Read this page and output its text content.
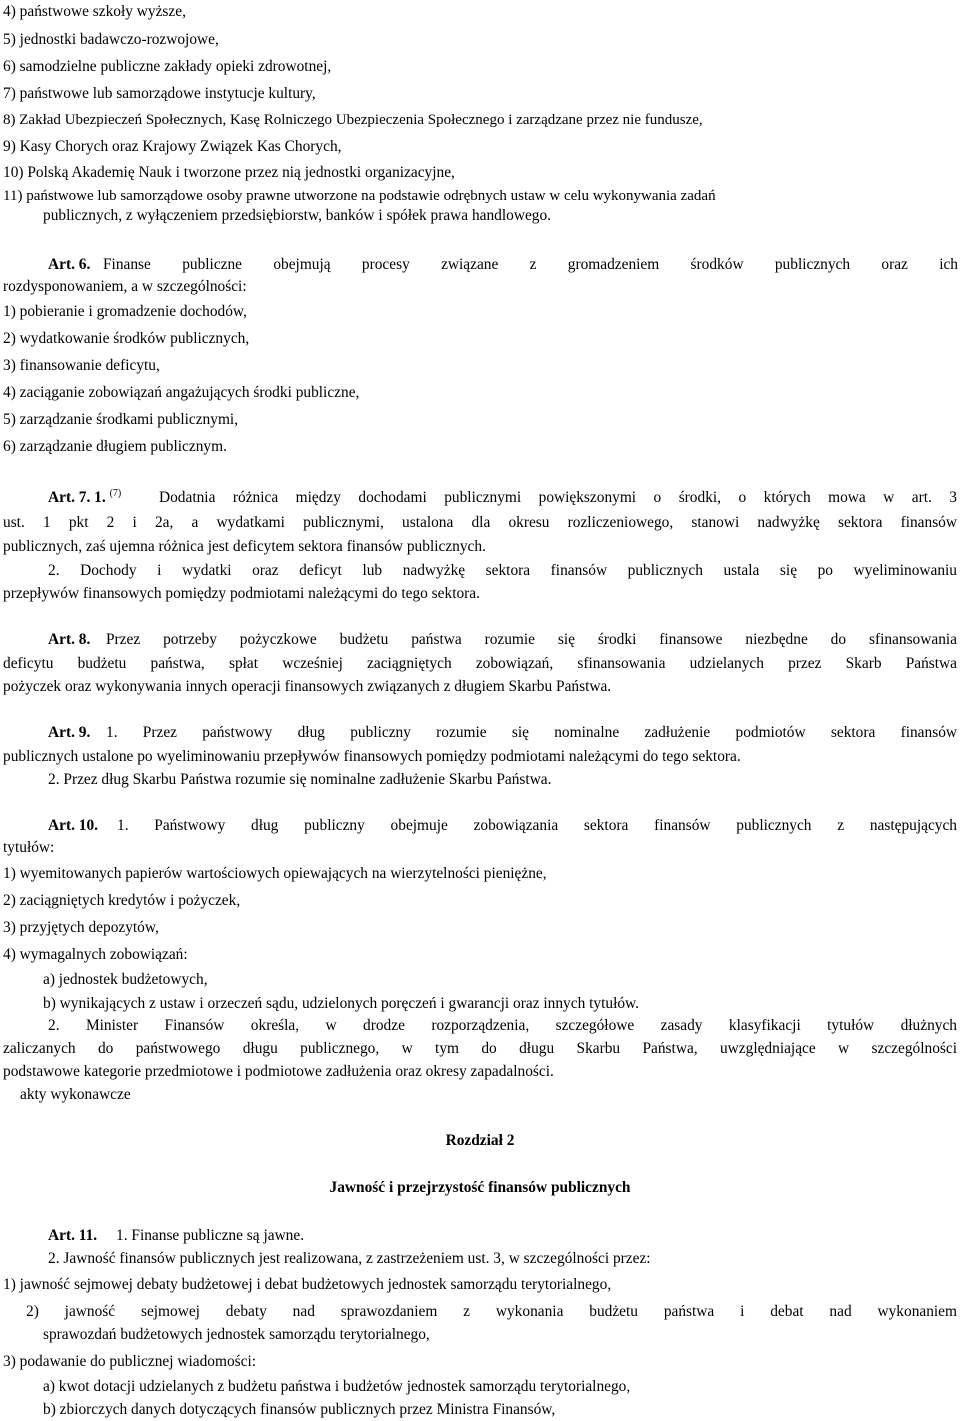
4) państwowe szkoły wyższe,
5) jednostki badawczo-rozwojowe,
6) samodzielne publiczne zakłady opieki zdrowotnej,
7) państwowe lub samorządowe instytucje kultury,
8) Zakład Ubezpieczeń Społecznych, Kasę Rolniczego Ubezpieczenia Społecznego i zarządzane przez nie fundusze,
9) Kasy Chorych oraz Krajowy Związek Kas Chorych,
10) Polską Akademię Nauk i tworzone przez nią jednostki organizacyjne,
11) państwowe lub samorządowe osoby prawne utworzone na podstawie odrębnych ustaw w celu wykonywania zadań
publicznych, z wyłączeniem przedsiębiorstw, banków i spółek prawa handlowego.
Art. 6. Finanse publiczne obejmują procesy związane z gromadzeniem środków publicznych oraz ich
rozdysponowaniem, a w szczególności:
1) pobieranie i gromadzenie dochodów,
2) wydatkowanie środków publicznych,
3) finansowanie deficytu,
4) zaciąganie zobowiązań angażujących środki publiczne,
5) zarządzanie środkami publicznymi,
6) zarządzanie długiem publicznym.
Art. 7. 1. $^{(7)}$ Dodatnia różnica między dochodami publicznymi powiększonymi o środki, o których mowa w art. 3
ust. 1 pkt 2 i 2a, a wydatkami publicznymi, ustalona dla okresu rozliczeniowego, stanowi nadwyżkę sektora finansów
publicznych, zaś ujemna różnica jest deficytem sektora finansów publicznych.
2. Dochody i wydatki oraz deficyt lub nadwyżkę sektora finansów publicznych ustala się po wyeliminowaniu
przepływów finansowych pomiędzy podmiotami należącymi do tego sektora.
Art. 8. Przez potrzeby pożyczkowe budżetu państwa rozumie się środki finansowe niezbędne do sfinansowania
deficytu budżetu państwa, spłat wcześniej zaciągniętych zobowiązań, sfinansowania udzielanych przez Skarb Państwa
pożyczek oraz wykonywania innych operacji finansowych związanych z długiem Skarbu Państwa.
Art. 9. 1. Przez państwowy dług publiczny rozumie się nominalne zadłużenie podmiotów sektora finansów
publicznych ustalone po wyeliminowaniu przepływów finansowych pomiędzy podmiotami należącymi do tego sektora.
2. Przez dług Skarbu Państwa rozumie się nominalne zadłużenie Skarbu Państwa.
Art. 10. 1. Państwowy dług publiczny obejmuje zobowiązania sektora finansów publicznych z następujących
tytułów:
1) wyemitowanych papierów wartościowych opiewających na wierzytelności pieniężne,
2) zaciągniętych kredytów i pożyczek,
3) przyjętych depozytów,
4) wymagalnych zobowiązań:
a) jednostek budżetowych,
b) wynikających z ustaw i orzeczeń sądu, udzielonych poręczeń i gwarancji oraz innych tytułów.
2. Minister Finansów określa, w drodze rozporządzenia, szczegółowe zasady klasyfikacji tytułów dłużnych
zaliczanych do państwowego długu publicznego, w tym do długu Skarbu Państwa, uwzględniające w szczególności
podstawowe kategorie przedmiotowe i podmiotowe zadłużenia oraz okresy zapadalności.
akty wykonawcze
Rozdział 2
Jawność i przejrzystość finansów publicznych
Art. 11. 1. Finanse publiczne są jawne.
2. Jawność finansów publicznych jest realizowana, z zastrzeżeniem ust. 3, w szczególności przez:
1) jawność sejmowej debaty budżetowej i debat budżetowych jednostek samorządu terytorialnego,
2) jawność sejmowej debaty nad sprawozdaniem z wykonania budżetu państwa i debat nad wykonaniem
sprawozdań budżetowych jednostek samorządu terytorialnego,
3) podawanie do publicznej wiadomości:
a) kwot dotacji udzielanych z budżetu państwa i budżetów jednostek samorządu terytorialnego,
b) zbiorczych danych dotyczących finansów publicznych przez Ministra Finansów,
